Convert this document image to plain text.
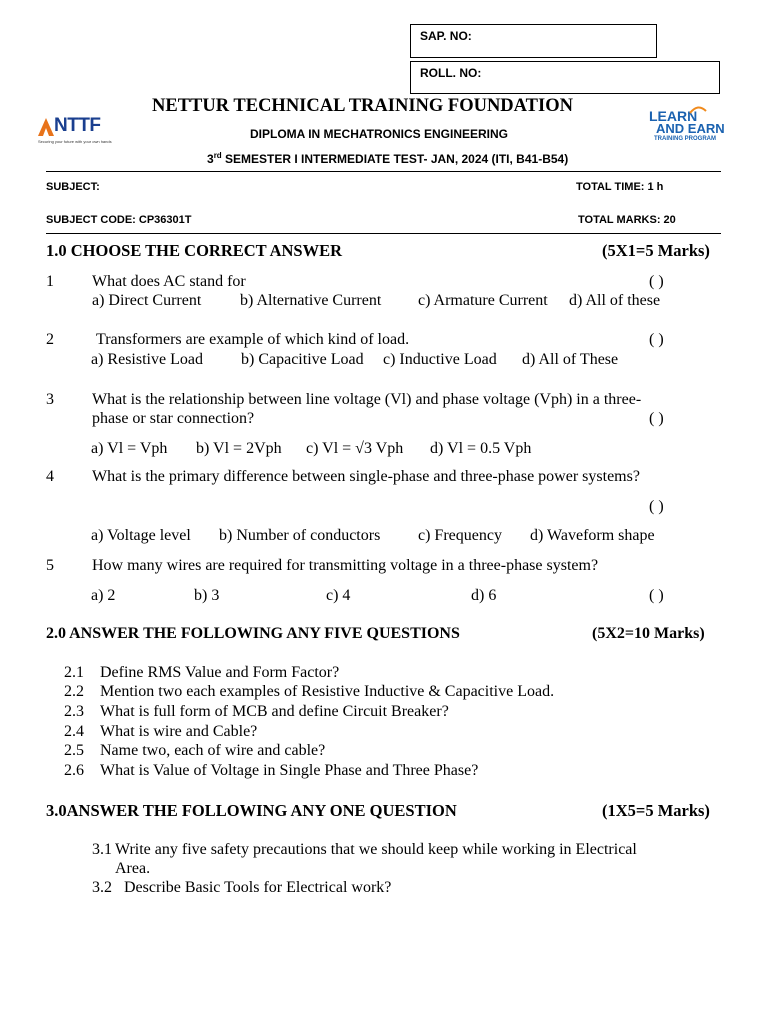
SAP. NO:
ROLL. NO:
NTTF
Securing your future with your own hands
LEARN
AND EARN
TRAINING PROGRAM
NETTUR TECHNICAL TRAINING FOUNDATION
DIPLOMA IN MECHATRONICS ENGINEERING
3rd SEMESTER I INTERMEDIATE TEST- JAN, 2024 (ITI, B41-B54)
SUBJECT:	TOTAL TIME: 1 h
SUBJECT CODE: CP36301T	TOTAL MARKS: 20
1.0 CHOOSE THE CORRECT ANSWER	(5X1=5 Marks)
1 What does AC stand for	( )
a) Direct Current b) Alternative Current c) Armature Current d) All of these
2	Transformers are example of which kind of load.	( )
a) Resistive Load b) Capacitive Load c) Inductive Load d) All of These
3 What is the relationship between line voltage (Vl) and phase voltage (Vph) in a three-
phase or star connection?	( )
a) Vl = Vph b) Vl = 2Vph c) Vl = √3 Vph d) Vl = 0.5 Vph
4 What is the primary difference between single-phase and three-phase power systems?
( )
a) Voltage level b) Number of conductors c) Frequency d) Waveform shape
5 How many wires are required for transmitting voltage in a three-phase system?
a) 2	b) 3	c) 4	d) 6	( )
2.0 ANSWER THE FOLLOWING ANY FIVE QUESTIONS	(5X2=10 Marks)
2.1 Define RMS Value and Form Factor?
2.2 Mention two each examples of Resistive Inductive & Capacitive Load.
2.3 What is full form of MCB and define Circuit Breaker?
2.4 What is wire and Cable?
2.5 Name two, each of wire and cable?
2.6 What is Value of Voltage in Single Phase and Three Phase?
3.0ANSWER THE FOLLOWING ANY ONE QUESTION	(1X5=5 Marks)
3.1 Write any five safety precautions that we should keep while working in Electrical
Area.
3.2 Describe Basic Tools for Electrical work?
